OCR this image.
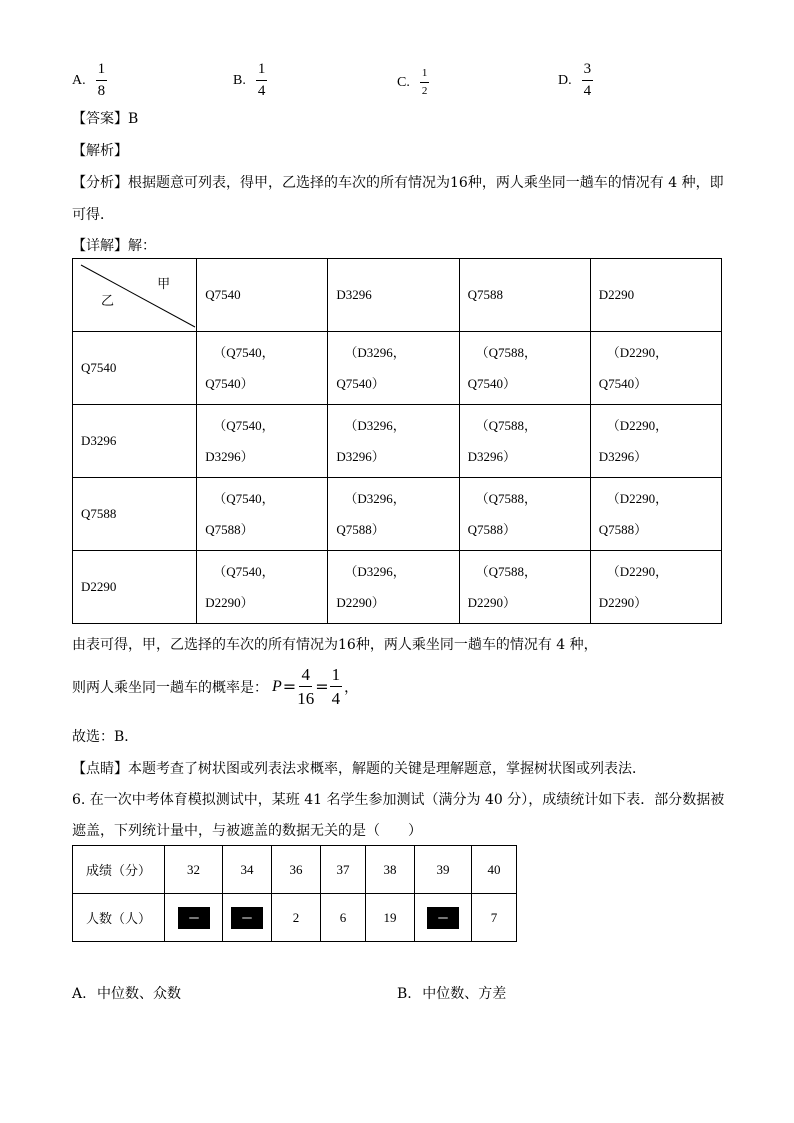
A. $\frac{1}{8}$	B. $\frac{1}{4}$	C. $\frac{1}{2}$	D. $\frac{3}{4}$
【答案】B
【解析】
【分析】根据题意可列表，得甲，乙选择的车次的所有情况为16种，两人乘坐同一趟车的情况有 4 种，即
可得．
【详解】解：
甲
乙	Q7540	D3296	Q7588	D2290
Q7540	（Q7540，
Q7540）	（D3296，
Q7540）	（Q7588，
Q7540）	（D2290，
Q7540）

D3296	（Q7540，
D3296）	（D3296，
D3296）	（Q7588，
D3296）	（D2290，
D3296）

Q7588	（Q7540，
Q7588）	（D3296，
Q7588）	（Q7588，
Q7588）	（D2290，
Q7588）

D2290	（Q7540，
D2290）	（D3296，
D2290）	（Q7588，
D2290）	（D2290，
D2290）
由表可得，甲，乙选择的车次的所有情况为16种，两人乘坐同一趟车的情况有 4 种，
则两人乘坐同一趟车的概率是： $P = \frac{4}{16} = \frac{1}{4}$ ，
故选：B．
【点睛】本题考查了树状图或列表法求概率，解题的关键是理解题意，掌握树状图或列表法．
6. 在一次中考体育模拟测试中，某班 41 名学生参加测试（满分为 40 分），成绩统计如下表．部分数据被
遮盖，下列统计量中，与被遮盖的数据无关的是（　　）
成绩（分）	32	34	36	37	38	39	40
人数（人）			2	6	19		7
A. 中位数、众数	B. 中位数、方差
